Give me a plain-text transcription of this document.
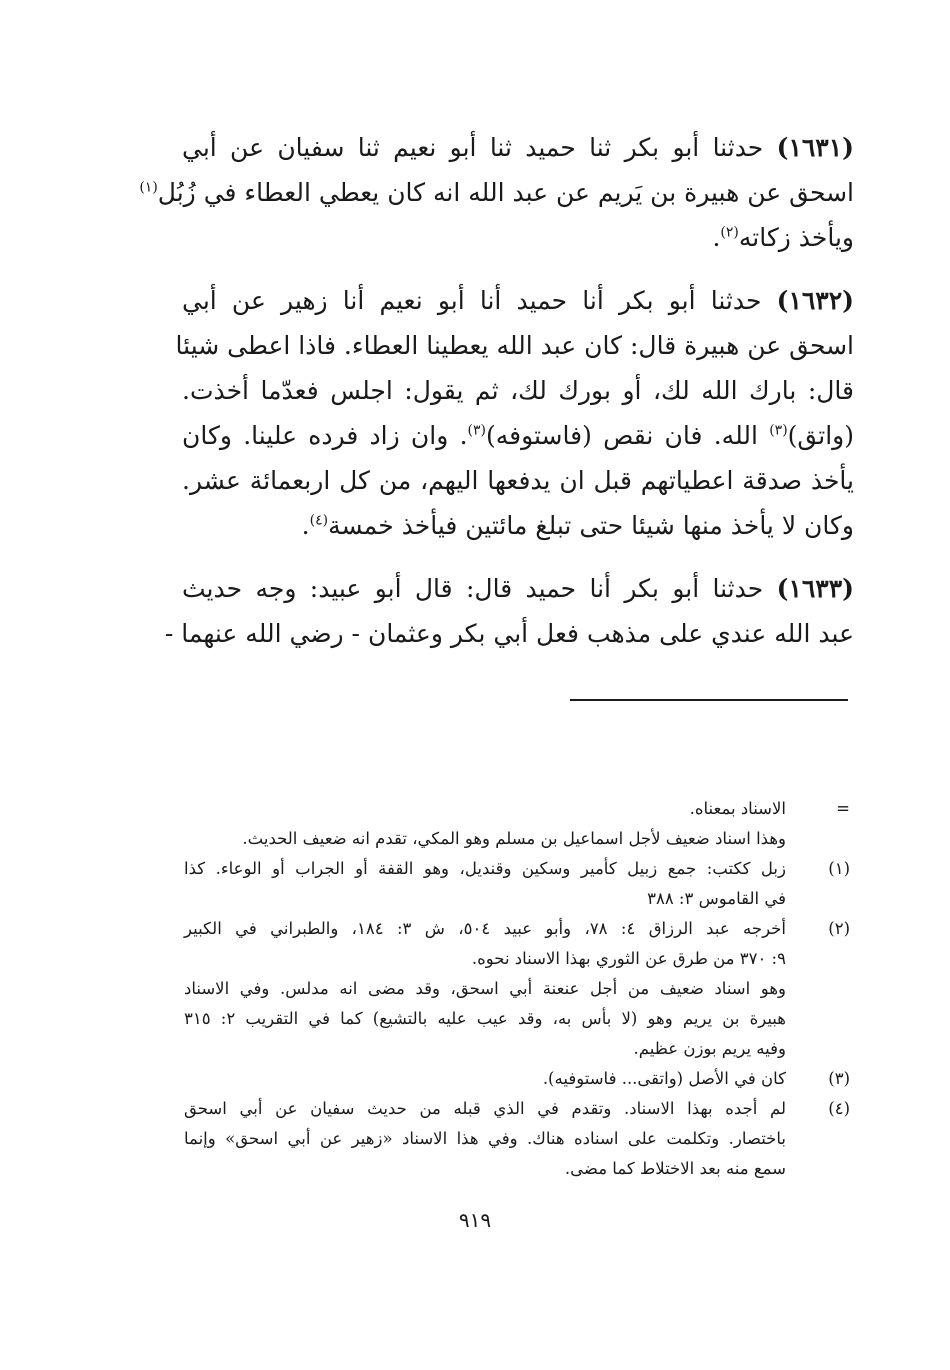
(١٦٣١) حدثنا أبو بكر ثنا حميد ثنا أبو نعيم ثنا سفيان عن أبي
اسحق عن هبيرة بن يَريم عن عبد الله انه كان يعطي العطاء في زُبُل$^{(١)}$
ويأخذ زكاته$^{(٢)}$.
(١٦٣٢) حدثنا أبو بكر أنا حميد أنا أبو نعيم أنا زهير عن أبي
اسحق عن هبيرة قال: كان عبد الله يعطينا العطاء. فاذا اعطى شيئا
قال: بارك الله لك، أو بورك لك، ثم يقول: اجلس فعدّما أخذت.
(واتق)$^{(٣)}$ الله. فان نقص (فاستوفه)$^{(٣)}$. وان زاد فرده علينا. وكان
يأخذ صدقة اعطياتهم قبل ان يدفعها اليهم، من كل اربعمائة عشر.
وكان لا يأخذ منها شيئا حتى تبلغ مائتين فيأخذ خمسة$^{(٤)}$.
(١٦٣٣) حدثنا أبو بكر أنا حميد قال: قال أبو عبيد: وجه حديث
عبد الله عندي على مذهب فعل أبي بكر وعثمان - رضي الله عنهما -
=
الاسناد بمعناه.
وهذا اسناد ضعيف لأجل اسماعيل بن مسلم وهو المكي، تقدم انه ضعيف الحديث.
(١)
زبل ككتب: جمع زبيل كأمير وسكين وقنديل، وهو القفة أو الجراب أو الوعاء. كذا
في القاموس ٣: ٣٨٨
(٢)
أخرجه عبد الرزاق ٤: ٧٨، وأبو عبيد ٥٠٤، ش ٣: ١٨٤، والطبراني في الكبير
٩: ٣٧٠ من طرق عن الثوري بهذا الاسناد نحوه.
وهو اسناد ضعيف من أجل عنعنة أبي اسحق، وقد مضى انه مدلس. وفي الاسناد
هبيرة بن يريم وهو (لا بأس به، وقد عيب عليه بالتشيع) كما في التقريب ٢: ٣١٥
وفيه يريم بوزن عظيم.
(٣)
كان في الأصل (واتقى... فاستوفيه).
(٤)
لم أجده بهذا الاسناد. وتقدم في الذي قبله من حديث سفيان عن أبي اسحق
باختصار. وتكلمت على اسناده هناك. وفي هذا الاسناد «زهير عن أبي اسحق» وإنما
سمع منه بعد الاختلاط كما مضى.
٩١٩
